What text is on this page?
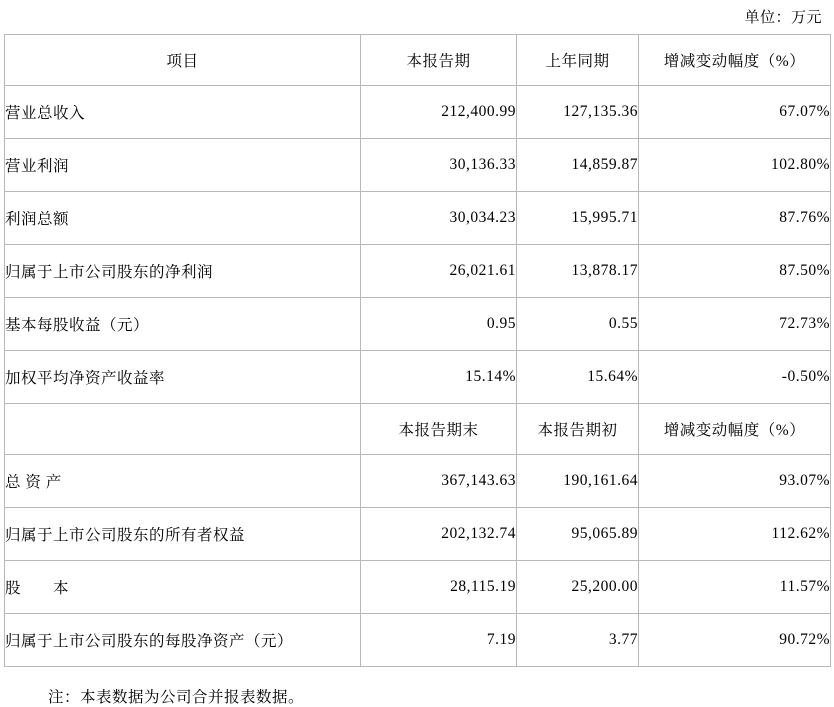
单位：万元
项目	本报告期	上年同期	增减变动幅度（%）
营业总收入	212,400.99	127,135.36	67.07%
营业利润	30,136.33	14,859.87	102.80%
利润总额	30,034.23	15,995.71	87.76%
归属于上市公司股东的净利润	26,021.61	13,878.17	87.50%
基本每股收益（元）	0.95	0.55	72.73%
加权平均净资产收益率	15.14%	15.64%	-0.50%
	本报告期末	本报告期初	增减变动幅度（%）
总 资 产	367,143.63	190,161.64	93.07%
归属于上市公司股东的所有者权益	202,132.74	95,065.89	112.62%
股　　本	28,115.19	25,200.00	11.57%
归属于上市公司股东的每股净资产（元）	7.19	3.77	90.72%
注：本表数据为公司合并报表数据。
